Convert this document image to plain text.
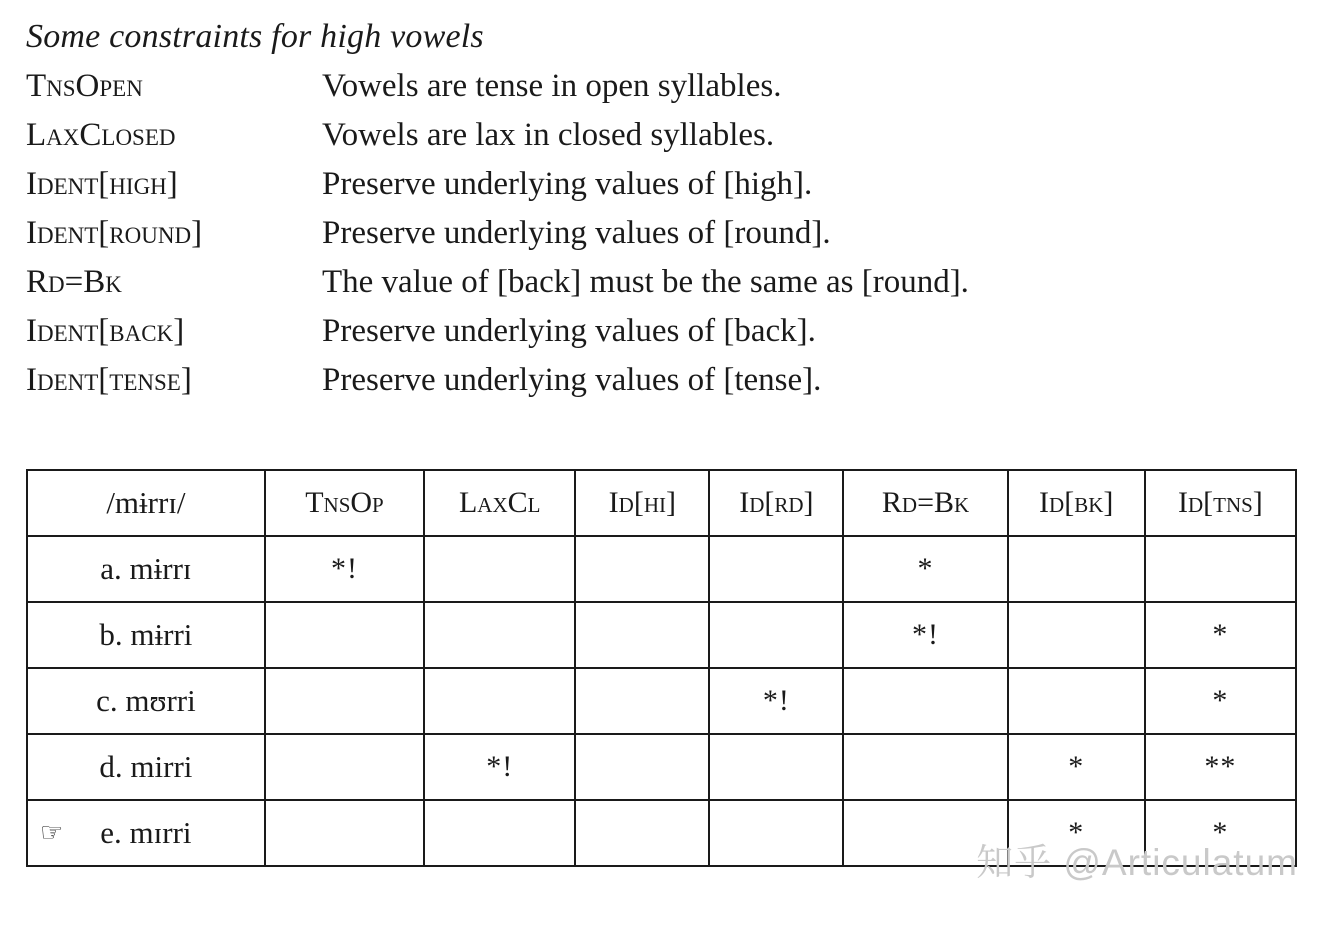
Some constraints for high vowels
TnsOpen	Vowels are tense in open syllables.
LaxClosed	Vowels are lax in closed syllables.
Ident[high]	Preserve underlying values of [high].
Ident[round]	Preserve underlying values of [round].
Rd=Bk	The value of [back] must be the same as [round].
Ident[back]	Preserve underlying values of [back].
Ident[tense]	Preserve underlying values of [tense].
/mɨrrɪ/	TnsOp	LaxCl	Id[hi]	Id[rd]	Rd=Bk	Id[bk]	Id[tns]

a. mɨrrɪ	*!				*		

b. mɨrri					*!		*

c. mʊrri				*!			*

d. mirri		*!				*	**

☞ e. mɪrri						*	*
知乎 @Articulatum
